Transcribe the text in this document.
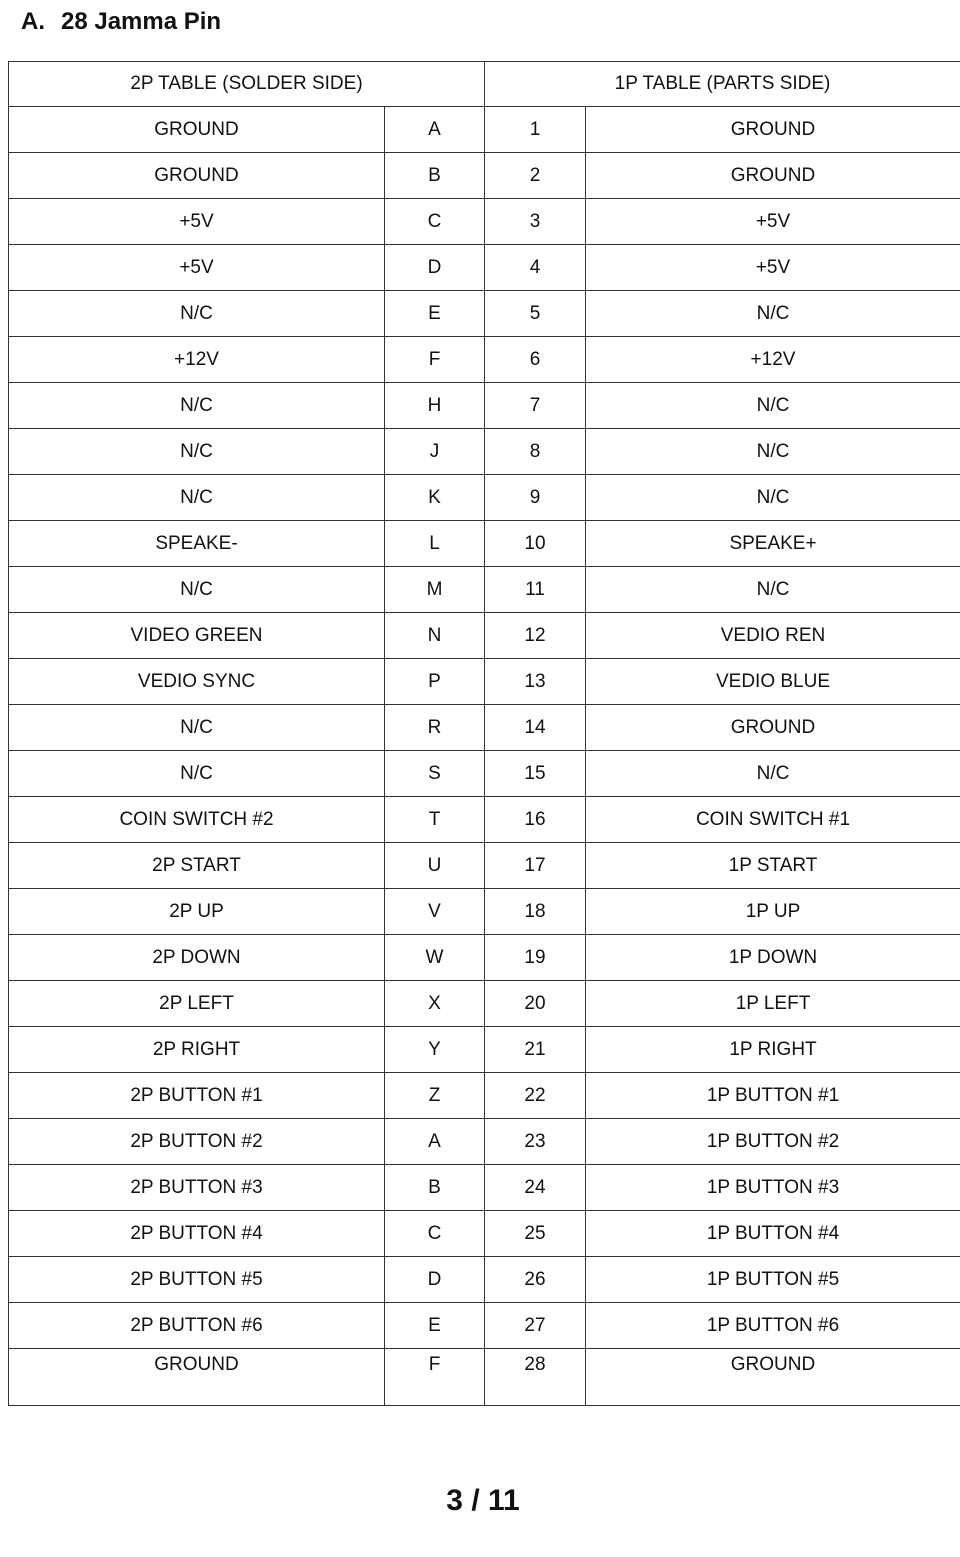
A. 28 Jamma Pin
2P TABLE (SOLDER SIDE)		1P TABLE (PARTS SIDE)	
GROUND	A	1	GROUND
GROUND	B	2	GROUND
+5V	C	3	+5V
+5V	D	4	+5V
N/C	E	5	N/C
+12V	F	6	+12V
N/C	H	7	N/C
N/C	J	8	N/C
N/C	K	9	N/C
SPEAKE-	L	10	SPEAKE+
N/C	M	11	N/C
VIDEO GREEN	N	12	VEDIO REN
VEDIO SYNC	P	13	VEDIO BLUE
N/C	R	14	GROUND
N/C	S	15	N/C
COIN SWITCH #2	T	16	COIN SWITCH #1
2P START	U	17	1P START
2P UP	V	18	1P UP
2P DOWN	W	19	1P DOWN
2P LEFT	X	20	1P LEFT
2P RIGHT	Y	21	1P RIGHT
2P BUTTON #1	Z	22	1P BUTTON #1
2P BUTTON #2	A	23	1P BUTTON #2
2P BUTTON #3	B	24	1P BUTTON #3
2P BUTTON #4	C	25	1P BUTTON #4
2P BUTTON #5	D	26	1P BUTTON #5
2P BUTTON #6	E	27	1P BUTTON #6
GROUND	F	28	GROUND
3 / 11
